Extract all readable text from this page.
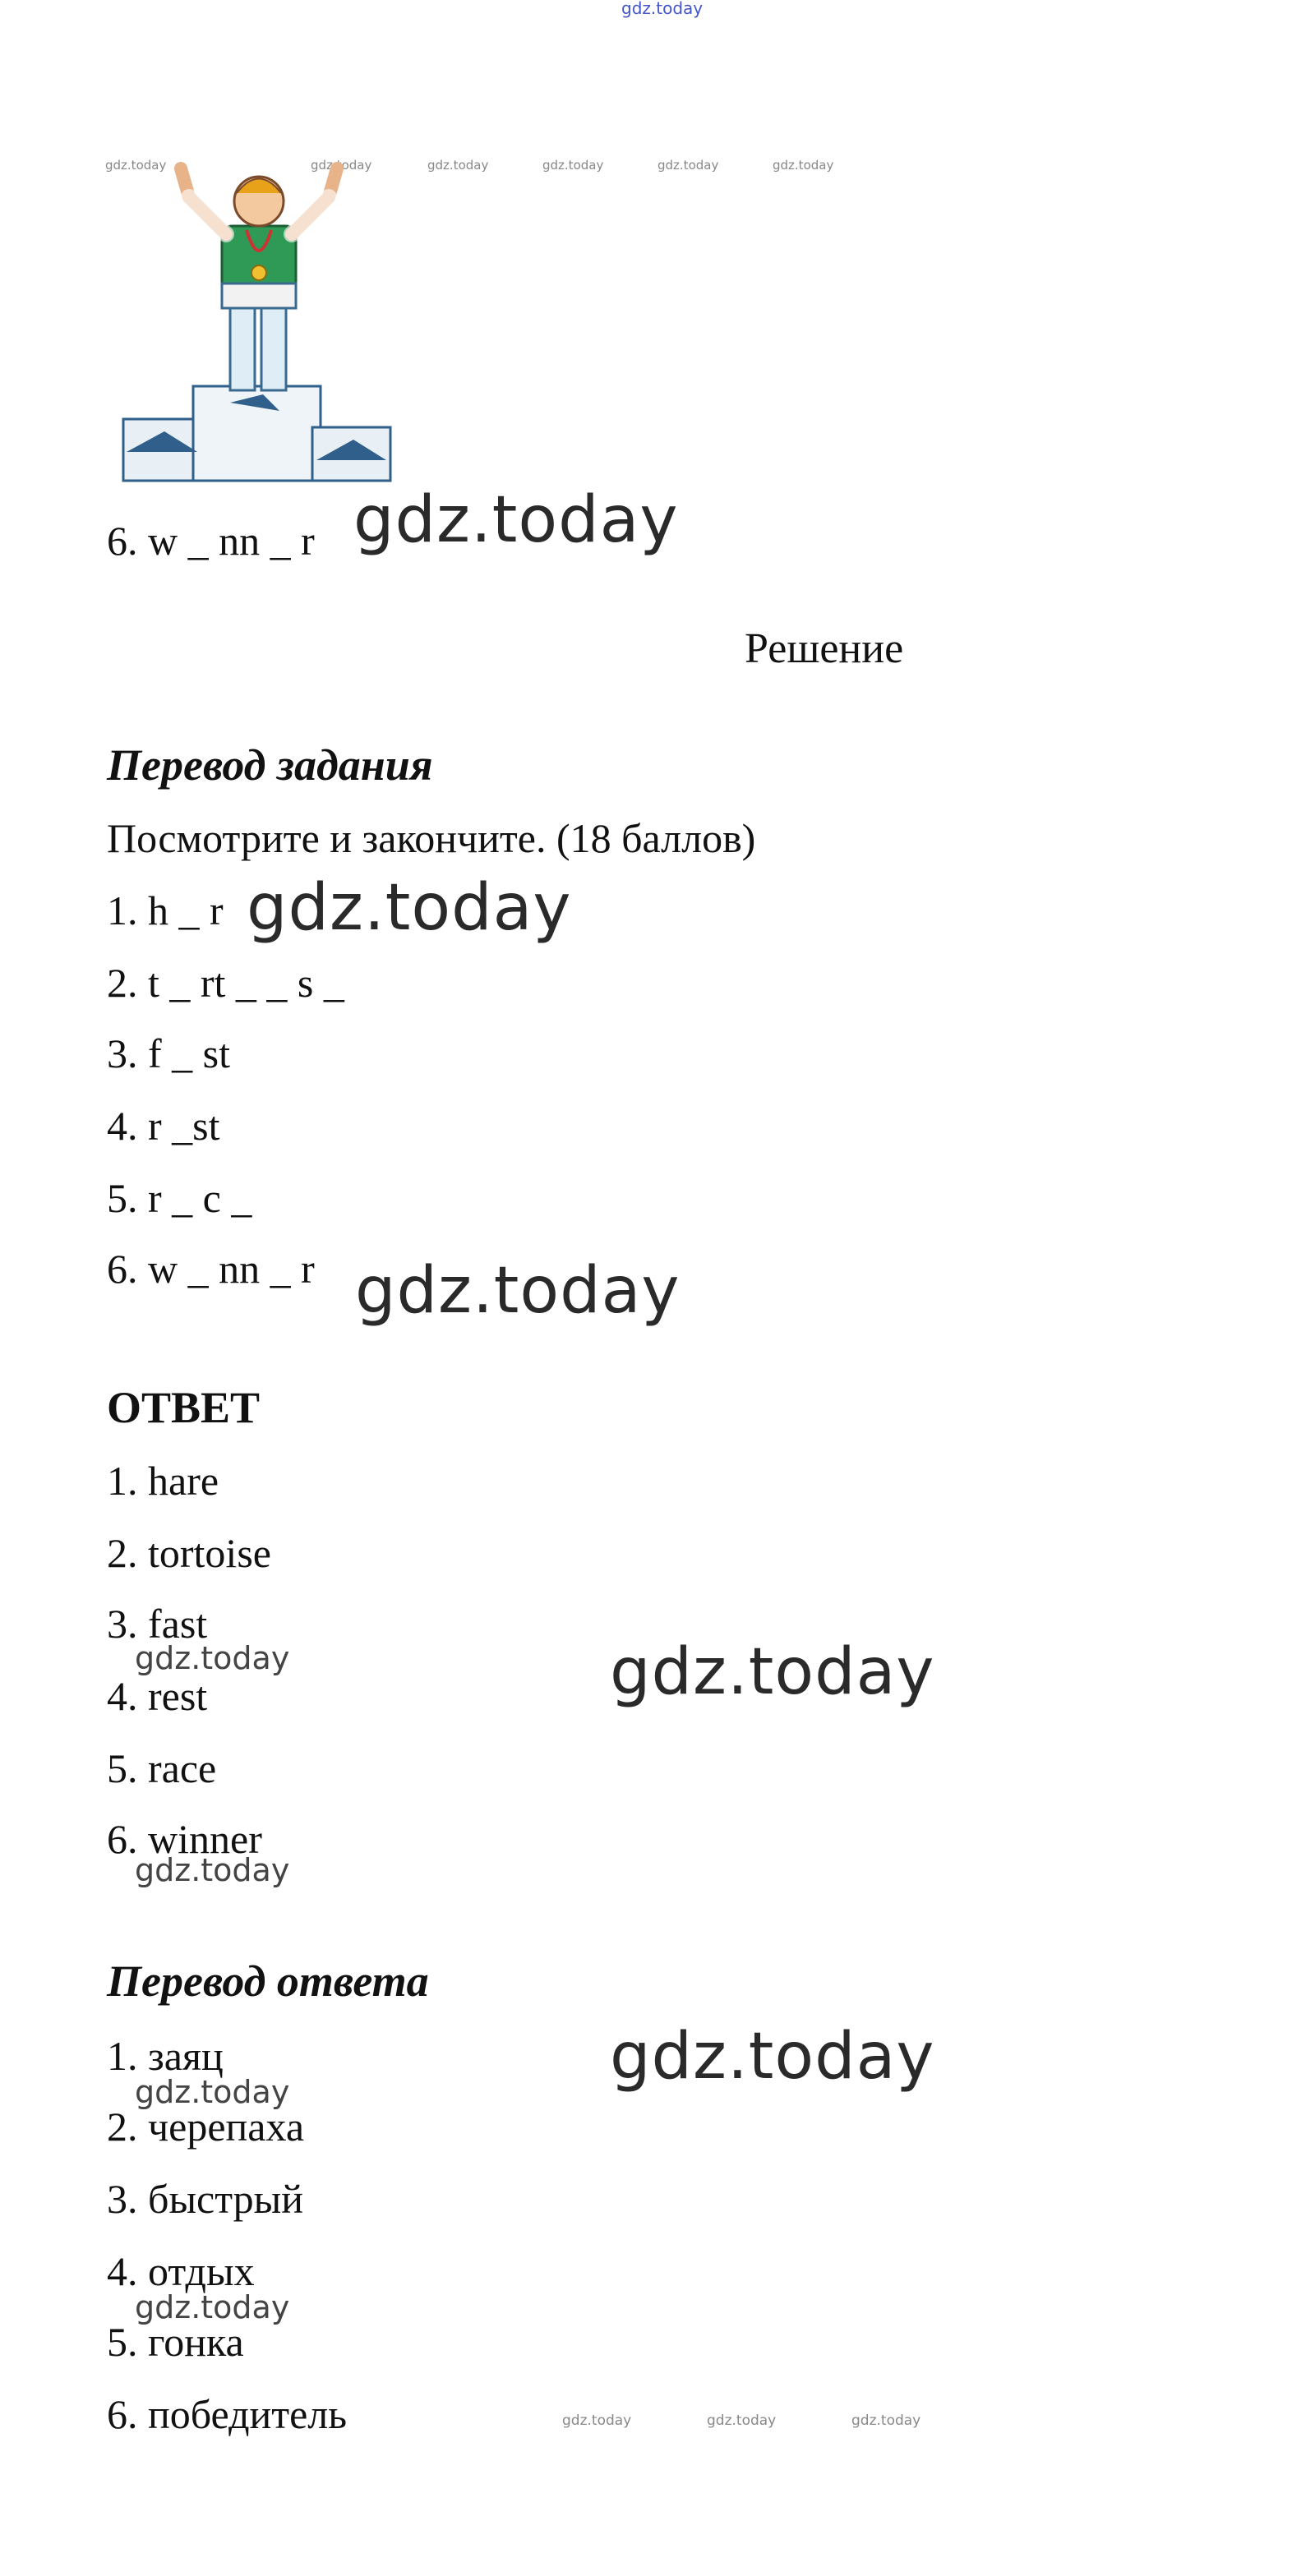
gdz.today
gdz.today	gdz.today	gdz.today	gdz.today	gdz.today	gdz.today
6. w _ nn _ r gdz.today
Решение
Перевод задания
Посмотрите и закончите. (18 баллов)
1. h _ r gdz.today
2. t _ rt _ _ s _
3. f _ st
4. r _st
5. r _ c _
6. w _ nn _ r gdz.today
ОТВЕТ
1. hare
2. tortoise
3. fast
gdz.today
4. rest	gdz.today
5. race
6. winner
gdz.today
Перевод ответа
1. заяц	gdz.today
gdz.today
2. черепаха
3. быстрый
4. отдых
gdz.today
5. гонка
6. победитель	gdz.today	gdz.today	gdz.today
